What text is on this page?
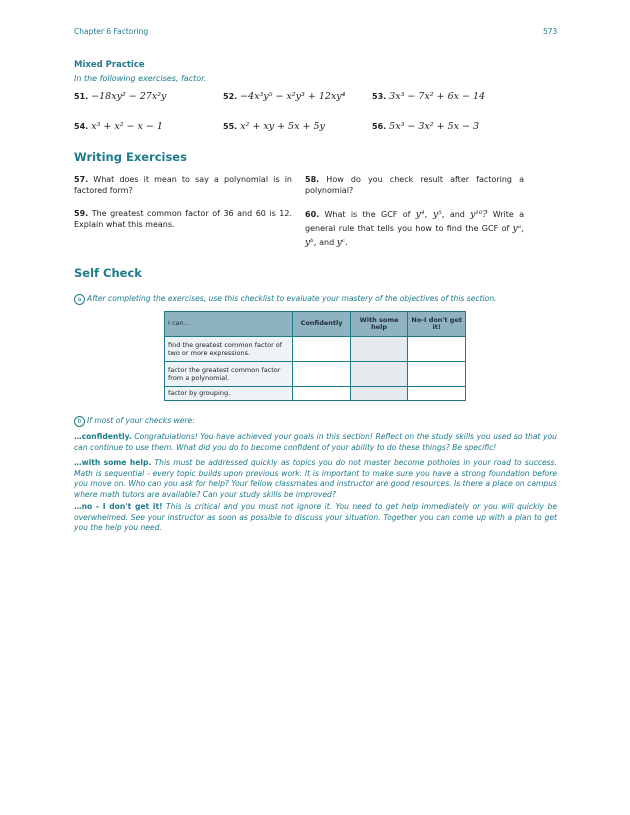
Chapter 6 Factoring	573
Mixed Practice
In the following exercises, factor.
51. −18xy² − 27x²y	52. −4x³y⁵ − x²y³ + 12xy⁴	53. 3x³ − 7x² + 6x − 14
54. x³ + x² − x − 1	55. x² + xy + 5x + 5y	56. 5x³ − 3x² + 5x − 3
Writing Exercises
57. What does it mean to say a polynomial is in factored form?
58. How do you check result after factoring a polynomial?
59. The greatest common factor of 36 and 60 is 12. Explain what this means.
60. What is the GCF of y⁴, y⁵, and y¹⁰? Write a general rule that tells you how to find the GCF of yᵃ, yᵇ, and yᶜ.
Self Check
a After completing the exercises, use this checklist to evaluate your mastery of the objectives of this section.
I can…	Confidently	With some help	No-I don't get it!
find the greatest common factor of two or more expressions.			
factor the greatest common factor from a polynomial.			
factor by grouping.			
b If most of your checks were:
…confidently. Congratulations! You have achieved your goals in this section! Reflect on the study skills you used so that you can continue to use them. What did you do to become confident of your ability to do these things? Be specific!
…with some help. This must be addressed quickly as topics you do not master become potholes in your road to success. Math is sequential - every topic builds upon previous work. It is important to make sure you have a strong foundation before you move on. Who can you ask for help? Your fellow classmates and instructor are good resources. Is there a place on campus where math tutors are available? Can your study skills be improved?
…no - I don't get it! This is critical and you must not ignore it. You need to get help immediately or you will quickly be overwhelmed. See your instructor as soon as possible to discuss your situation. Together you can come up with a plan to get you the help you need.
